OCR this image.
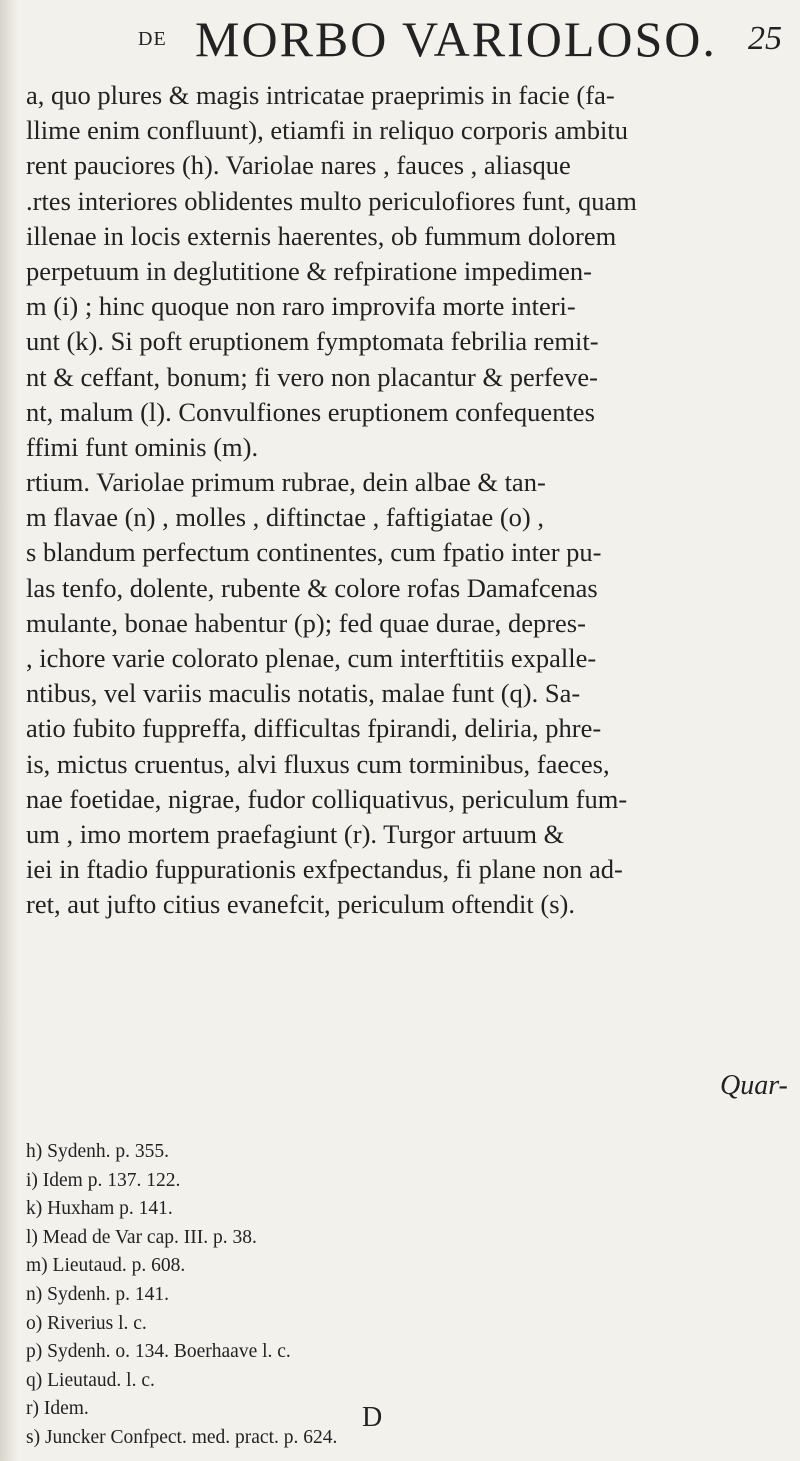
DE MORBO VARIOLOSO. 25
a, quo plures & magis intricatae praeprimis in facie (fa-
llime enim confluunt), etiamfi in reliquo corporis ambitu
rent pauciores (h). Variolae nares , fauces , aliasque
.rtes interiores oblidentes multo periculofiores funt, quam
illenae in locis externis haerentes, ob fummum dolorem
perpetuum in deglutitione & refpiratione impedimen-
m (i) ; hinc quoque non raro improvifa morte interi-
unt (k). Si poft eruptionem fymptomata febrilia remit-
nt & ceffant, bonum; fi vero non placantur & perfeve-
nt, malum (l). Convulfiones eruptionem confequentes
ffimi funt ominis (m).
rtium. Variolae primum rubrae, dein albae & tan-
m flavae (n) , molles , diftinctae , faftigiatae (o) ,
s blandum perfectum continentes, cum fpatio inter pu-
las tenfo, dolente, rubente & colore rofas Damafcenas
mulante, bonae habentur (p); fed quae durae, depres-
, ichore varie colorato plenae, cum interftitiis expalle-
ntibus, vel variis maculis notatis, malae funt (q). Sa-
atio fubito fuppreffa, difficultas fpirandi, deliria, phre-
is, mictus cruentus, alvi fluxus cum torminibus, faeces,
nae foetidae, nigrae, fudor colliquativus, periculum fum-
um , imo mortem praefagiunt (r). Turgor artuum &
iei in ftadio fuppurationis exfpectandus, fi plane non ad-
ret, aut jufto citius evanefcit, periculum oftendit (s).
Quar-
h) Sydenh. p. 355.
i) Idem p. 137. 122.
k) Huxham p. 141.
l) Mead de Var cap. III. p. 38.
m) Lieutaud. p. 608.
n) Sydenh. p. 141.
o) Riverius l. c.
p) Sydenh. o. 134. Boerhaave l. c.
q) Lieutaud. l. c.
r) Idem.
s) Juncker Confpect. med. pract. p. 624.
D
